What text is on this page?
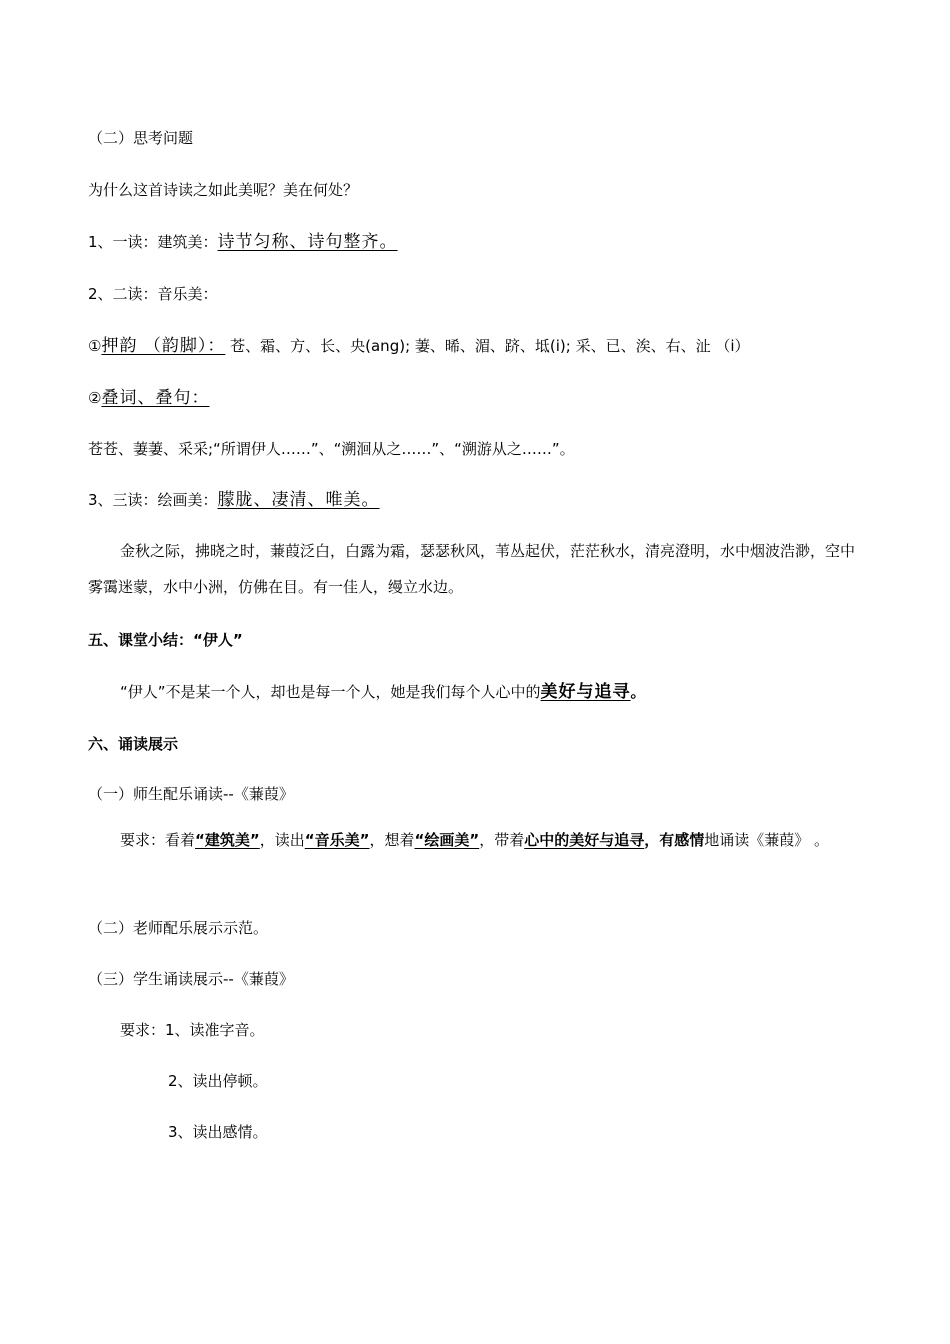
（二）思考问题
为什么这首诗读之如此美呢？美在何处？
1、一读：建筑美：诗节匀称、诗句整齐。
2、二读：音乐美：
①押韵 （韵脚）： 苍、霜、方、长、央(ang); 萋、晞、湄、跻、坻(i); 采、已、涘、右、沚 （i）
②叠词、叠句：
苍苍、萋萋、采采;“所谓伊人……”、“溯洄从之……”、“溯游从之……”。
3、三读：绘画美：朦胧、凄清、唯美。
金秋之际，拂晓之时，蒹葭泛白，白露为霜，瑟瑟秋风，苇丛起伏，茫茫秋水，清亮澄明，水中烟波浩渺，空中雾霭迷蒙，水中小洲，仿佛在目。有一佳人，缦立水边。
五、课堂小结：“伊人”
“伊人”不是某一个人，却也是每一个人，她是我们每个人心中的美好与追寻。
六、诵读展示
（一）师生配乐诵读--《蒹葭》
要求：看着“建筑美”，读出“音乐美”，想着“绘画美”，带着心中的美好与追寻，有感情地诵读《蒹葭》 。
（二）老师配乐展示示范。
（三）学生诵读展示--《蒹葭》
要求：1、读准字音。
2、读出停顿。
3、读出感情。
